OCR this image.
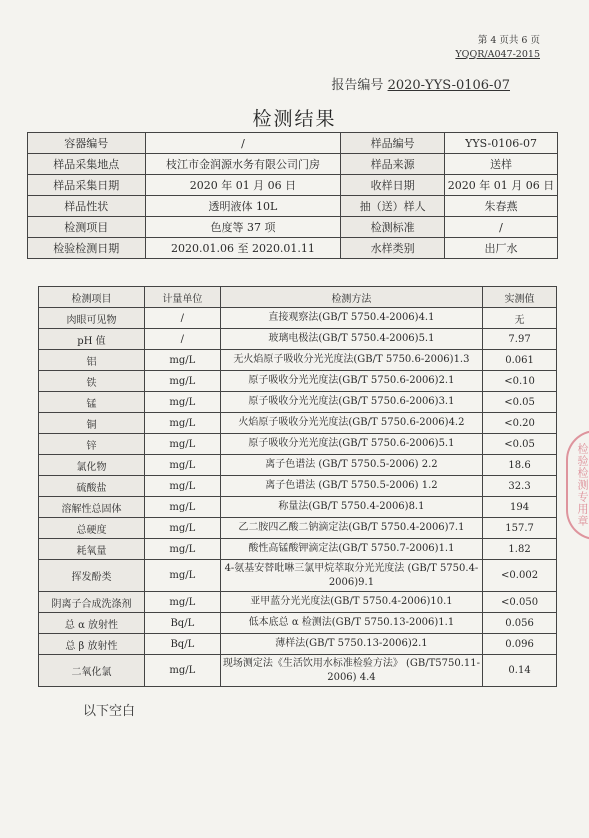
第 4 页共 6 页
YQQR/A047-2015
报告编号 2020-YYS-0106-07
检测结果
容器编号	/	样品编号	YYS-0106-07
样品采集地点	枝江市金润源水务有限公司门房	样品来源	送样
样品采集日期	2020 年 01 月 06 日	收样日期	2020 年 01 月 06 日
样品性状	透明液体 10L	抽（送）样人	朱春燕
检测项目	色度等 37 项	检测标准	/
检验检测日期	2020.01.06 至 2020.01.11	水样类别	出厂水
检测项目	计量单位	检测方法	实测值
肉眼可见物	/	直接观察法(GB/T 5750.4-2006)4.1	无
pH 值	/	玻璃电极法(GB/T 5750.4-2006)5.1	7.97
铝	mg/L	无火焰原子吸收分光光度法(GB/T 5750.6-2006)1.3	0.061
铁	mg/L	原子吸收分光光度法(GB/T 5750.6-2006)2.1	<0.10
锰	mg/L	原子吸收分光光度法(GB/T 5750.6-2006)3.1	<0.05
铜	mg/L	火焰原子吸收分光光度法(GB/T 5750.6-2006)4.2	<0.20
锌	mg/L	原子吸收分光光度法(GB/T 5750.6-2006)5.1	<0.05
氯化物	mg/L	离子色谱法 (GB/T 5750.5-2006) 2.2	18.6
硫酸盐	mg/L	离子色谱法 (GB/T 5750.5-2006) 1.2	32.3
溶解性总固体	mg/L	称量法(GB/T 5750.4-2006)8.1	194
总硬度	mg/L	乙二胺四乙酸二钠滴定法(GB/T 5750.4-2006)7.1	157.7
耗氧量	mg/L	酸性高锰酸钾滴定法(GB/T 5750.7-2006)1.1	1.82
挥发酚类	mg/L	4-氨基安替吡啉三氯甲烷萃取分光光度法 (GB/T 5750.4-2006)9.1	<0.002
阴离子合成洗涤剂	mg/L	亚甲蓝分光光度法(GB/T 5750.4-2006)10.1	<0.050
总 α 放射性	Bq/L	低本底总 α 检测法(GB/T 5750.13-2006)1.1	0.056
总 β 放射性	Bq/L	薄样法(GB/T 5750.13-2006)2.1	0.096
二氧化氯	mg/L	现场测定法《生活饮用水标准检验方法》 (GB/T5750.11-2006) 4.4	0.14
以下空白
检验检测专用章
